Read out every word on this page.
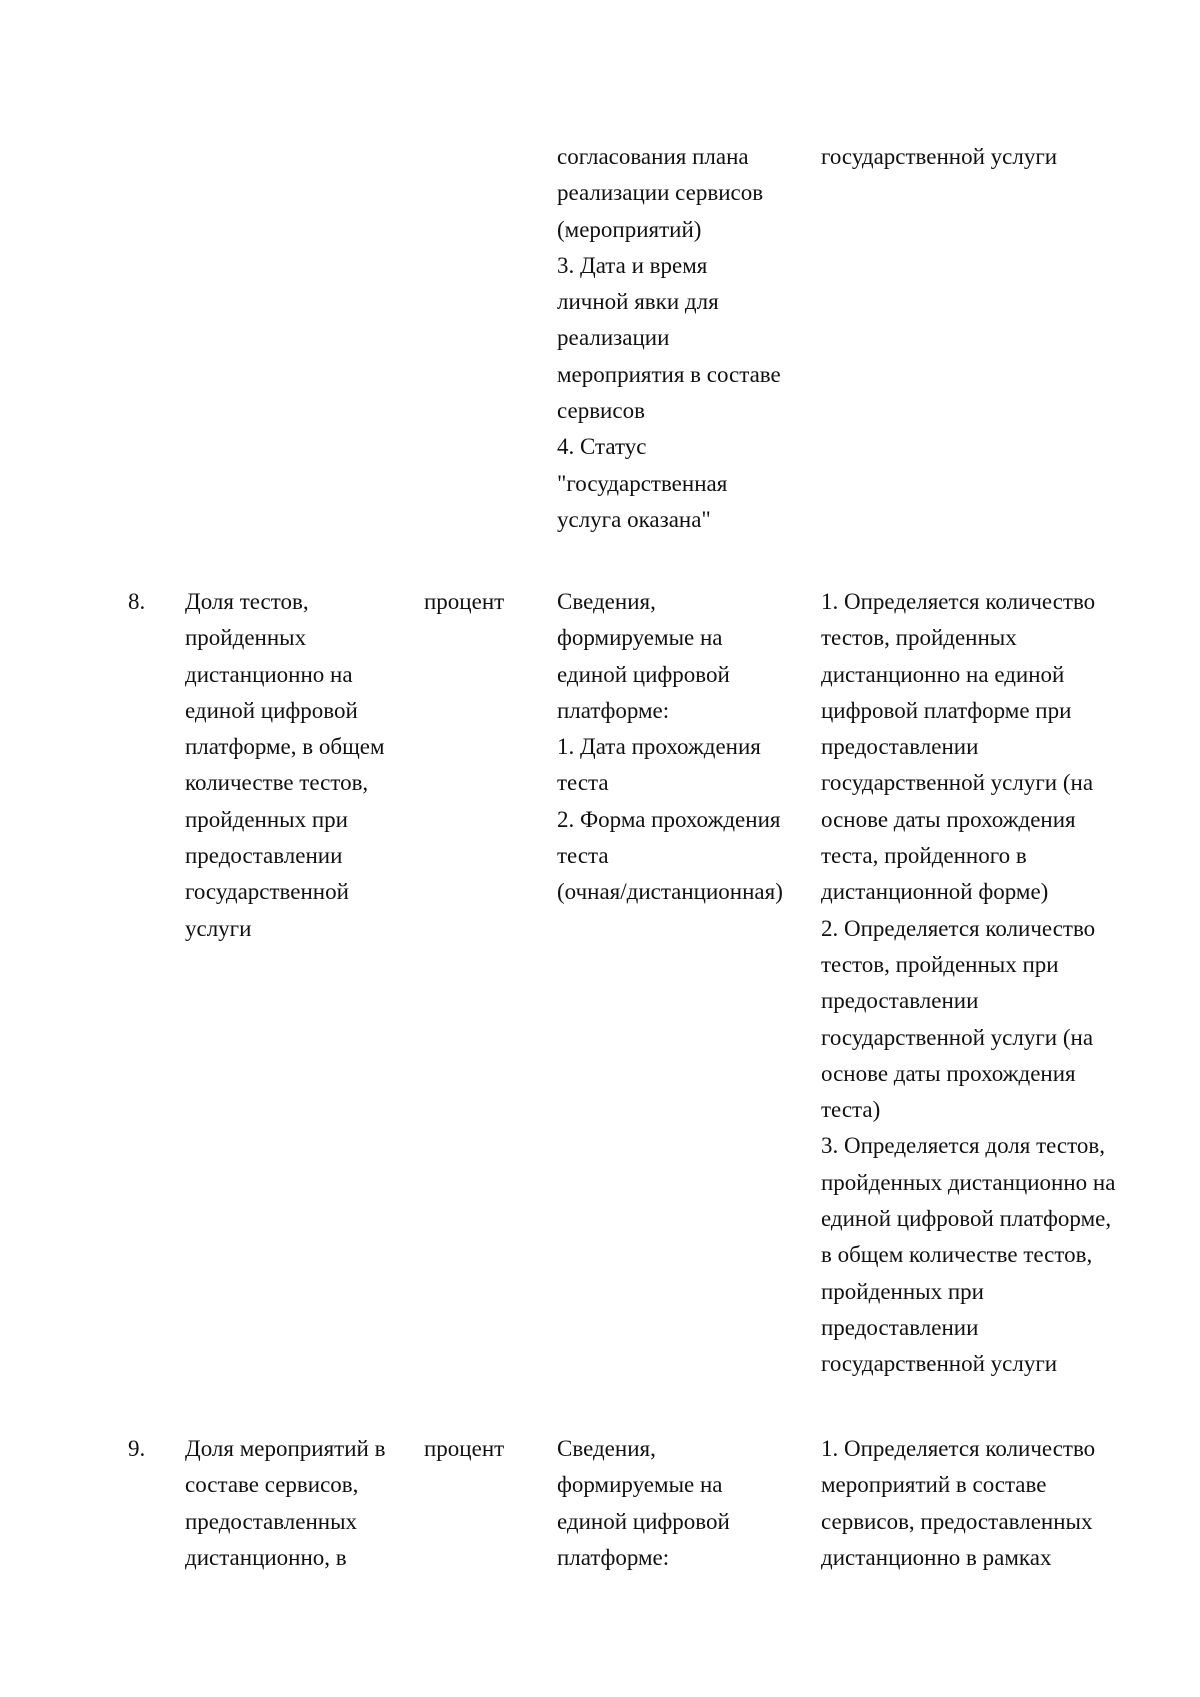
согласования плана
реализации сервисов
(мероприятий)
3. Дата и время
личной явки для
реализации
мероприятия в составе
сервисов
4. Статус
"государственная
услуга оказана"
государственной услуги
8. Доля тестов,
пройденных
дистанционно на
единой цифровой
платформе, в общем
количестве тестов,
пройденных при
предоставлении
государственной
услуги
процент Сведения,
формируемые на
единой цифровой
платформе:
1. Дата прохождения
теста
2. Форма прохождения
теста
(очная/дистанционная)
1. Определяется количество
тестов, пройденных
дистанционно на единой
цифровой платформе при
предоставлении
государственной услуги (на
основе даты прохождения
теста, пройденного в
дистанционной форме)
2. Определяется количество
тестов, пройденных при
предоставлении
государственной услуги (на
основе даты прохождения
теста)
3. Определяется доля тестов,
пройденных дистанционно на
единой цифровой платформе,
в общем количестве тестов,
пройденных при
предоставлении
государственной услуги
9. Доля мероприятий в
составе сервисов,
предоставленных
дистанционно, в
процент Сведения,
формируемые на
единой цифровой
платформе:
1. Определяется количество
мероприятий в составе
сервисов, предоставленных
дистанционно в рамках
